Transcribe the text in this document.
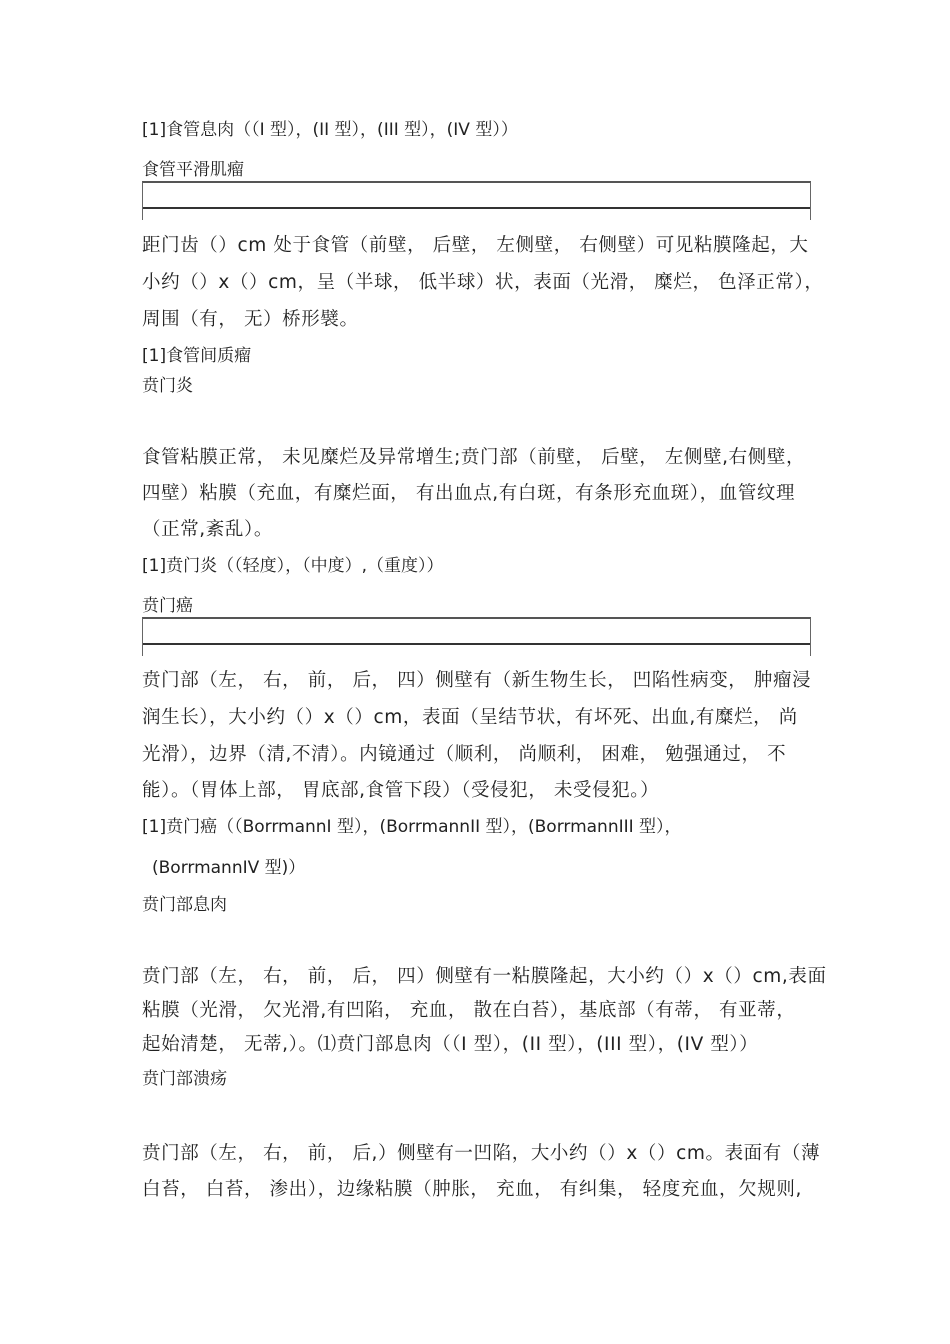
[1]食管息肉（（I 型），(II 型），(III 型），(IV 型））
食管平滑肌瘤
距门齿（）cm 处于食管（前壁， 后壁， 左侧壁， 右侧壁）可见粘膜隆起，大
小约（）x（）cm，呈（半球， 低半球）状，表面（光滑， 糜烂， 色泽正常），
周围（有， 无）桥形襞。
[1]食管间质瘤
贲门炎
食管粘膜正常， 未见糜烂及异常增生;贲门部（前壁， 后壁， 左侧壁,右侧壁，
四壁）粘膜（充血，有糜烂面， 有出血点,有白斑，有条形充血斑），血管纹理
（正常,紊乱）。
[1]贲门炎（（轻度），（中度）,（重度））
贲门癌
贲门部（左， 右， 前， 后， 四）侧壁有（新生物生长， 凹陷性病变， 肿瘤浸
润生长），大小约（）x（）cm，表面（呈结节状，有坏死、出血,有糜烂， 尚
光滑），边界（清,不清）。内镜通过（顺利， 尚顺利， 困难， 勉强通过， 不
能）。（胃体上部， 胃底部,食管下段）（受侵犯， 未受侵犯。）
[1]贲门癌（（BorrmannI 型），(BorrmannII 型），(BorrmannIII 型），
(BorrmannIV 型)）
贲门部息肉
贲门部（左， 右， 前， 后， 四）侧壁有一粘膜隆起，大小约（）x（）cm,表面
粘膜（光滑， 欠光滑,有凹陷， 充血， 散在白苔），基底部（有蒂， 有亚蒂，
起始清楚， 无蒂,）。⑴贲门部息肉（（I 型），(II 型），(III 型），(IV 型））
贲门部溃疡
贲门部（左， 右， 前， 后,）侧壁有一凹陷，大小约（）x（）cm。表面有（薄
白苔， 白苔， 渗出），边缘粘膜（肿胀， 充血， 有纠集， 轻度充血，欠规则,
